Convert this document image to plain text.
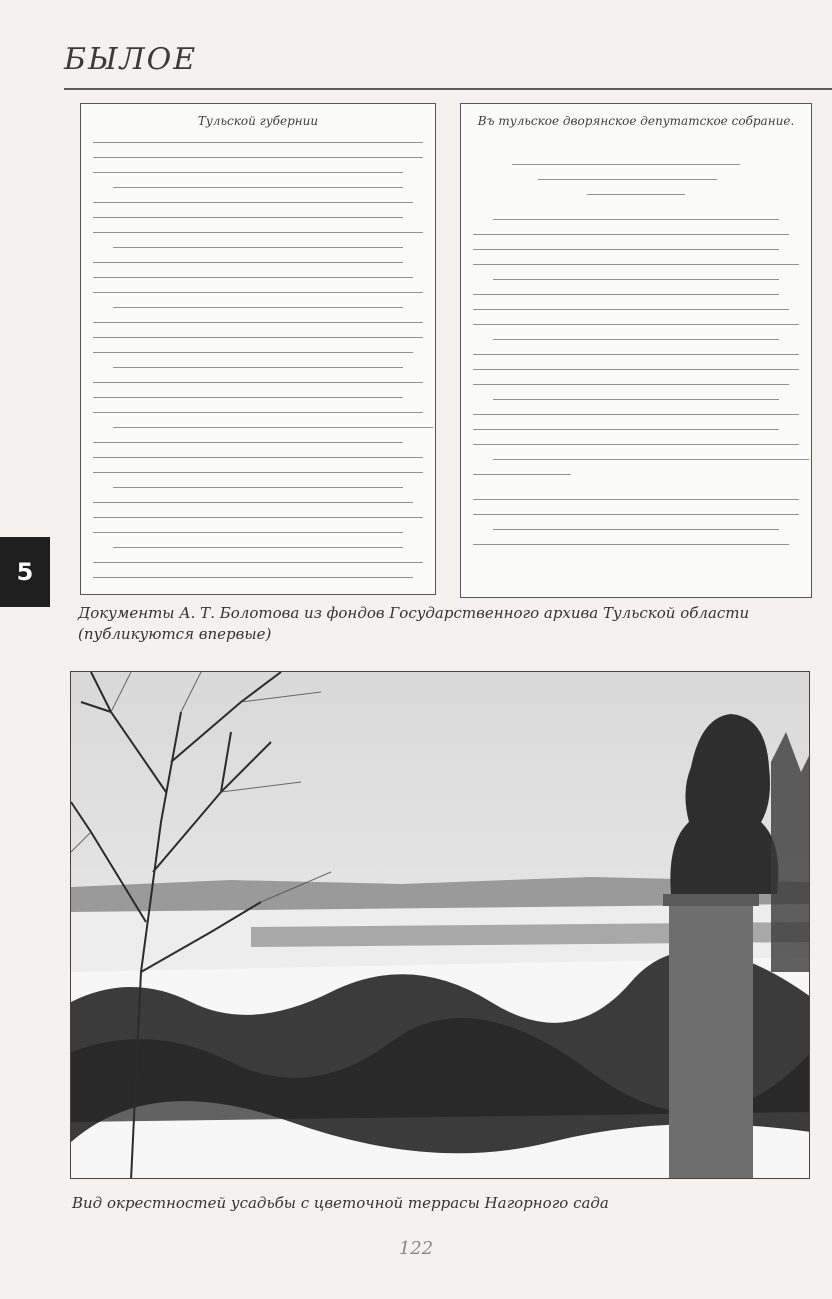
БЫЛОЕ
5
Тульской губернии	Въ тульское дворянское депутатское собрание.
Документы А. Т. Болотова из фондов Государственного архива Тульской области (публикуются впервые)
Вид окрестностей усадьбы с цветочной террасы Нагорного сада
122
